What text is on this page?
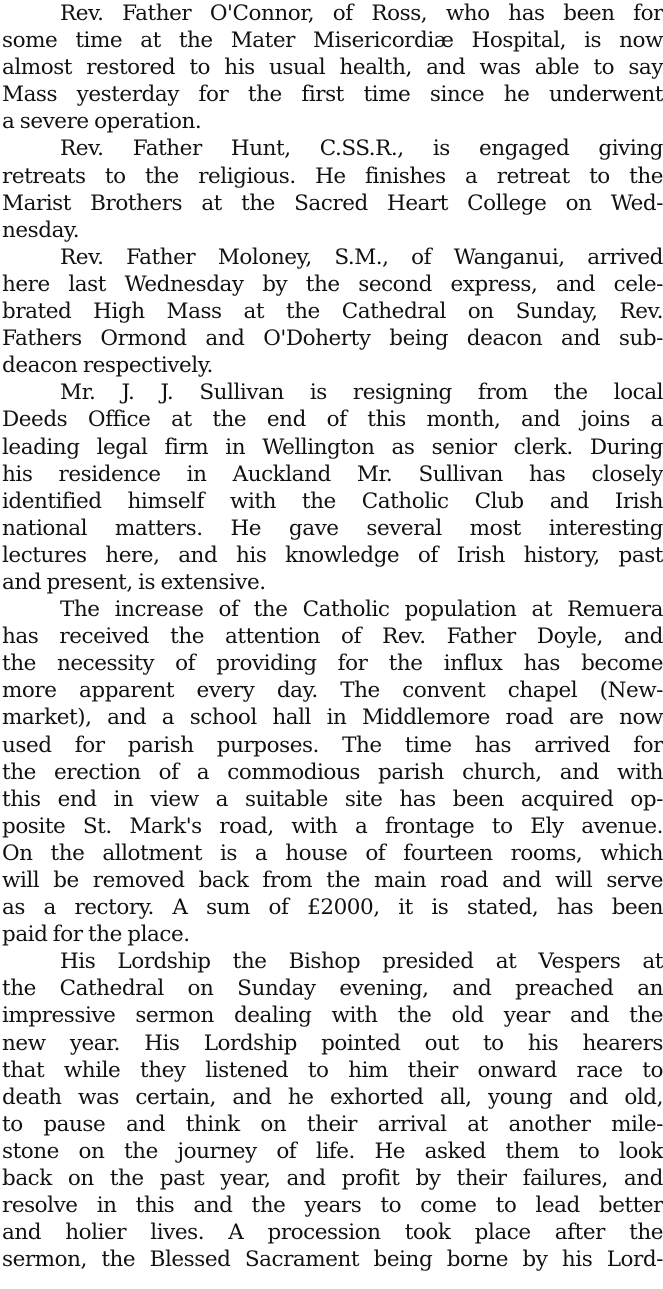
Rev. Father O'Connor, of Ross, who has been for
some time at the Mater Misericordiæ Hospital, is now
almost restored to his usual health, and was able to say
Mass yesterday for the first time since he underwent
a severe operation.

Rev. Father Hunt, C.SS.R., is engaged giving
retreats to the religious. He finishes a retreat to the
Marist Brothers at the Sacred Heart College on Wed-
nesday.

Rev. Father Moloney, S.M., of Wanganui, arrived
here last Wednesday by the second express, and cele-
brated High Mass at the Cathedral on Sunday, Rev.
Fathers Ormond and O'Doherty being deacon and sub-
deacon respectively.

Mr. J. J. Sullivan is resigning from the local
Deeds Office at the end of this month, and joins a
leading legal firm in Wellington as senior clerk. During
his residence in Auckland Mr. Sullivan has closely
identified himself with the Catholic Club and Irish
national matters. He gave several most interesting
lectures here, and his knowledge of Irish history, past
and present, is extensive.

The increase of the Catholic population at Remuera
has received the attention of Rev. Father Doyle, and
the necessity of providing for the influx has become
more apparent every day. The convent chapel (New-
market), and a school hall in Middlemore road are now
used for parish purposes. The time has arrived for
the erection of a commodious parish church, and with
this end in view a suitable site has been acquired op-
posite St. Mark's road, with a frontage to Ely avenue.
On the allotment is a house of fourteen rooms, which
will be removed back from the main road and will serve
as a rectory. A sum of £2000, it is stated, has been
paid for the place.

His Lordship the Bishop presided at Vespers at
the Cathedral on Sunday evening, and preached an
impressive sermon dealing with the old year and the
new year. His Lordship pointed out to his hearers
that while they listened to him their onward race to
death was certain, and he exhorted all, young and old,
to pause and think on their arrival at another mile-
stone on the journey of life. He asked them to look
back on the past year, and profit by their failures, and
resolve in this and the years to come to lead better
and holier lives. A procession took place after the
sermon, the Blessed Sacrament being borne by his Lord-
